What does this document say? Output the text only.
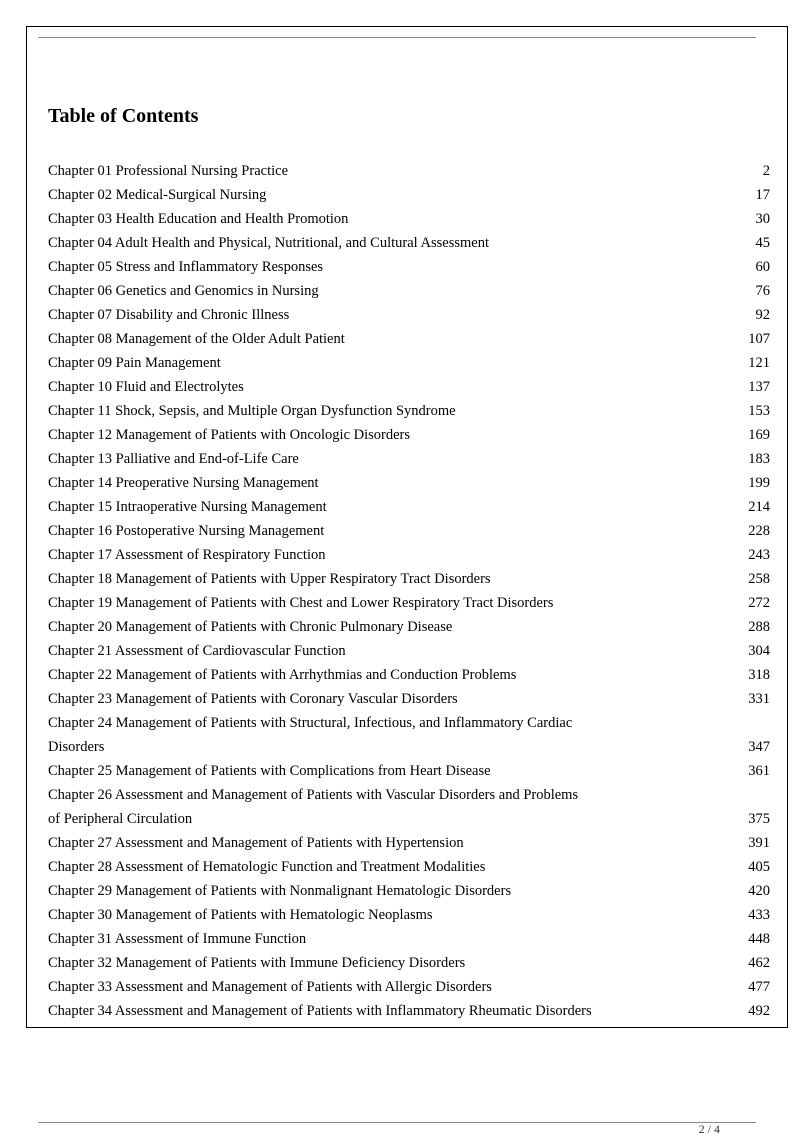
Table of Contents
Chapter 01 Professional Nursing Practice	2
Chapter 02 Medical-Surgical Nursing	17
Chapter 03 Health Education and Health Promotion	30
Chapter 04 Adult Health and Physical, Nutritional, and Cultural Assessment	45
Chapter 05 Stress and Inflammatory Responses	60
Chapter 06 Genetics and Genomics in Nursing	76
Chapter 07 Disability and Chronic Illness	92
Chapter 08 Management of the Older Adult Patient	107
Chapter 09 Pain Management	121
Chapter 10 Fluid and Electrolytes	137
Chapter 11 Shock, Sepsis, and Multiple Organ Dysfunction Syndrome	153
Chapter 12 Management of Patients with Oncologic Disorders	169
Chapter 13 Palliative and End-of-Life Care	183
Chapter 14 Preoperative Nursing Management	199
Chapter 15 Intraoperative Nursing Management	214
Chapter 16 Postoperative Nursing Management	228
Chapter 17 Assessment of Respiratory Function	243
Chapter 18 Management of Patients with Upper Respiratory Tract Disorders	258
Chapter 19 Management of Patients with Chest and Lower Respiratory Tract Disorders	272
Chapter 20 Management of Patients with Chronic Pulmonary Disease	288
Chapter 21 Assessment of Cardiovascular Function	304
Chapter 22 Management of Patients with Arrhythmias and Conduction Problems	318
Chapter 23 Management of Patients with Coronary Vascular Disorders	331
Chapter 24 Management of Patients with Structural, Infectious, and Inflammatory Cardiac
Disorders	347
Chapter 25 Management of Patients with Complications from Heart Disease	361
Chapter 26 Assessment and Management of Patients with Vascular Disorders and Problems
of Peripheral Circulation	375
Chapter 27 Assessment and Management of Patients with Hypertension	391
Chapter 28 Assessment of Hematologic Function and Treatment Modalities	405
Chapter 29 Management of Patients with Nonmalignant Hematologic Disorders	420
Chapter 30 Management of Patients with Hematologic Neoplasms	433
Chapter 31 Assessment of Immune Function	448
Chapter 32 Management of Patients with Immune Deficiency Disorders	462
Chapter 33 Assessment and Management of Patients with Allergic Disorders	477
Chapter 34 Assessment and Management of Patients with Inflammatory Rheumatic Disorders	492
2 / 4
